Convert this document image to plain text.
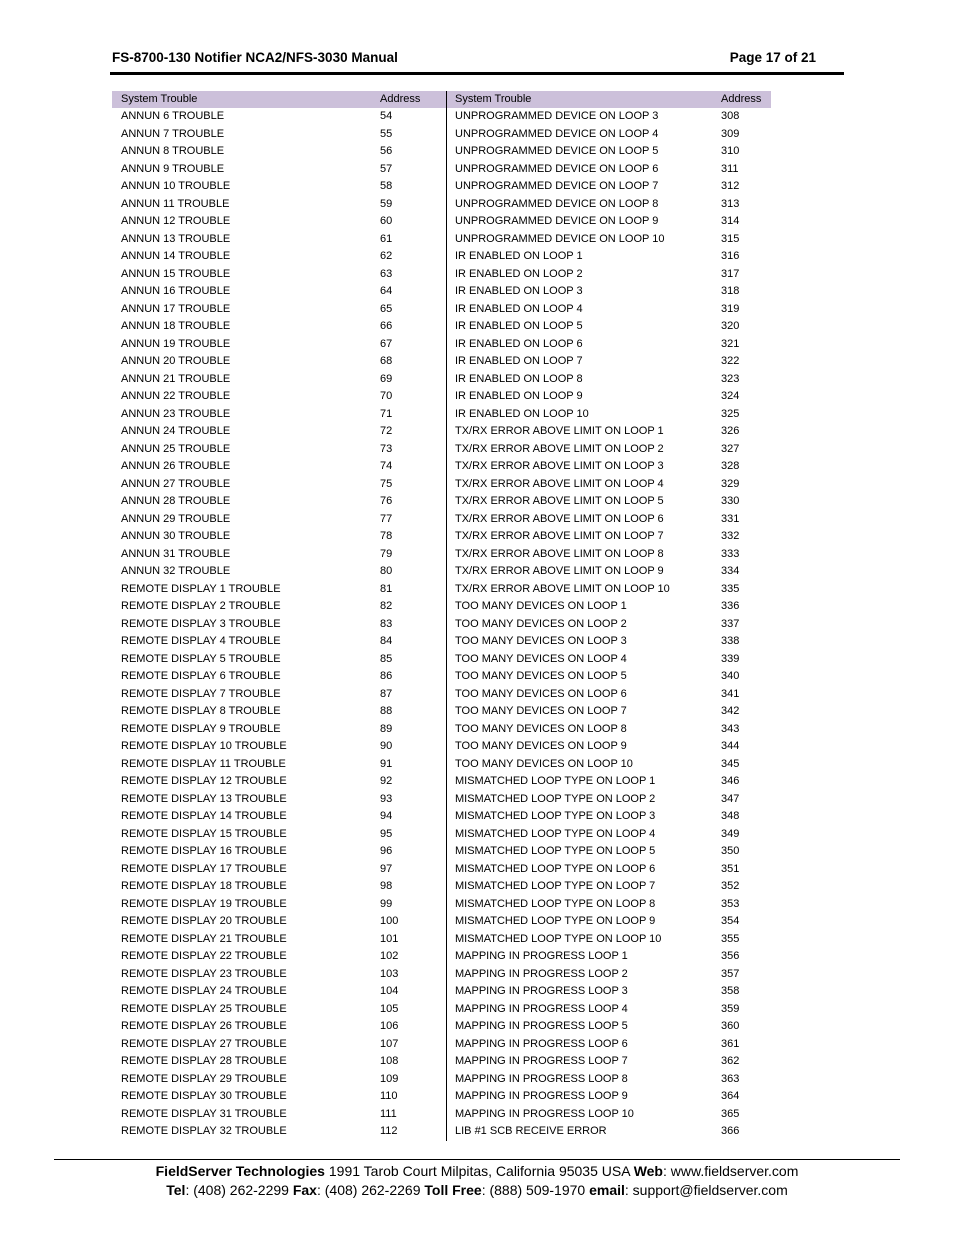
FS-8700-130 Notifier NCA2/NFS-3030 Manual	Page 17 of 21
System Trouble	Address
ANNUN 6 TROUBLE	54
ANNUN 7 TROUBLE	55
ANNUN 8 TROUBLE	56
ANNUN 9 TROUBLE	57
ANNUN 10 TROUBLE	58
ANNUN 11 TROUBLE	59
ANNUN 12 TROUBLE	60
ANNUN 13 TROUBLE	61
ANNUN 14 TROUBLE	62
ANNUN 15 TROUBLE	63
ANNUN 16 TROUBLE	64
ANNUN 17 TROUBLE	65
ANNUN 18 TROUBLE	66
ANNUN 19 TROUBLE	67
ANNUN 20 TROUBLE	68
ANNUN 21 TROUBLE	69
ANNUN 22 TROUBLE	70
ANNUN 23 TROUBLE	71
ANNUN 24 TROUBLE	72
ANNUN 25 TROUBLE	73
ANNUN 26 TROUBLE	74
ANNUN 27 TROUBLE	75
ANNUN 28 TROUBLE	76
ANNUN 29 TROUBLE	77
ANNUN 30 TROUBLE	78
ANNUN 31 TROUBLE	79
ANNUN 32 TROUBLE	80
REMOTE DISPLAY 1 TROUBLE	81
REMOTE DISPLAY 2 TROUBLE	82
REMOTE DISPLAY 3 TROUBLE	83
REMOTE DISPLAY 4 TROUBLE	84
REMOTE DISPLAY 5 TROUBLE	85
REMOTE DISPLAY 6 TROUBLE	86
REMOTE DISPLAY 7 TROUBLE	87
REMOTE DISPLAY 8 TROUBLE	88
REMOTE DISPLAY 9 TROUBLE	89
REMOTE DISPLAY 10 TROUBLE	90
REMOTE DISPLAY 11 TROUBLE	91
REMOTE DISPLAY 12 TROUBLE	92
REMOTE DISPLAY 13 TROUBLE	93
REMOTE DISPLAY 14 TROUBLE	94
REMOTE DISPLAY 15 TROUBLE	95
REMOTE DISPLAY 16 TROUBLE	96
REMOTE DISPLAY 17 TROUBLE	97
REMOTE DISPLAY 18 TROUBLE	98
REMOTE DISPLAY 19 TROUBLE	99
REMOTE DISPLAY 20 TROUBLE	100
REMOTE DISPLAY 21 TROUBLE	101
REMOTE DISPLAY 22 TROUBLE	102
REMOTE DISPLAY 23 TROUBLE	103
REMOTE DISPLAY 24 TROUBLE	104
REMOTE DISPLAY 25 TROUBLE	105
REMOTE DISPLAY 26 TROUBLE	106
REMOTE DISPLAY 27 TROUBLE	107
REMOTE DISPLAY 28 TROUBLE	108
REMOTE DISPLAY 29 TROUBLE	109
REMOTE DISPLAY 30 TROUBLE	110
REMOTE DISPLAY 31 TROUBLE	111
REMOTE DISPLAY 32 TROUBLE	112
System Trouble	Address
UNPROGRAMMED DEVICE ON LOOP 3	308
UNPROGRAMMED DEVICE ON LOOP 4	309
UNPROGRAMMED DEVICE ON LOOP 5	310
UNPROGRAMMED DEVICE ON LOOP 6	311
UNPROGRAMMED DEVICE ON LOOP 7	312
UNPROGRAMMED DEVICE ON LOOP 8	313
UNPROGRAMMED DEVICE ON LOOP 9	314
UNPROGRAMMED DEVICE ON LOOP 10	315
IR ENABLED ON LOOP 1	316
IR ENABLED ON LOOP 2	317
IR ENABLED ON LOOP 3	318
IR ENABLED ON LOOP 4	319
IR ENABLED ON LOOP 5	320
IR ENABLED ON LOOP 6	321
IR ENABLED ON LOOP 7	322
IR ENABLED ON LOOP 8	323
IR ENABLED ON LOOP 9	324
IR ENABLED ON LOOP 10	325
TX/RX ERROR ABOVE LIMIT ON LOOP 1	326
TX/RX ERROR ABOVE LIMIT ON LOOP 2	327
TX/RX ERROR ABOVE LIMIT ON LOOP 3	328
TX/RX ERROR ABOVE LIMIT ON LOOP 4	329
TX/RX ERROR ABOVE LIMIT ON LOOP 5	330
TX/RX ERROR ABOVE LIMIT ON LOOP 6	331
TX/RX ERROR ABOVE LIMIT ON LOOP 7	332
TX/RX ERROR ABOVE LIMIT ON LOOP 8	333
TX/RX ERROR ABOVE LIMIT ON LOOP 9	334
TX/RX ERROR ABOVE LIMIT ON LOOP 10	335
TOO MANY DEVICES ON LOOP 1	336
TOO MANY DEVICES ON LOOP 2	337
TOO MANY DEVICES ON LOOP 3	338
TOO MANY DEVICES ON LOOP 4	339
TOO MANY DEVICES ON LOOP 5	340
TOO MANY DEVICES ON LOOP 6	341
TOO MANY DEVICES ON LOOP 7	342
TOO MANY DEVICES ON LOOP 8	343
TOO MANY DEVICES ON LOOP 9	344
TOO MANY DEVICES ON LOOP 10	345
MISMATCHED LOOP TYPE ON LOOP 1	346
MISMATCHED LOOP TYPE ON LOOP 2	347
MISMATCHED LOOP TYPE ON LOOP 3	348
MISMATCHED LOOP TYPE ON LOOP 4	349
MISMATCHED LOOP TYPE ON LOOP 5	350
MISMATCHED LOOP TYPE ON LOOP 6	351
MISMATCHED LOOP TYPE ON LOOP 7	352
MISMATCHED LOOP TYPE ON LOOP 8	353
MISMATCHED LOOP TYPE ON LOOP 9	354
MISMATCHED LOOP TYPE ON LOOP 10	355
MAPPING IN PROGRESS LOOP 1	356
MAPPING IN PROGRESS LOOP 2	357
MAPPING IN PROGRESS LOOP 3	358
MAPPING IN PROGRESS LOOP 4	359
MAPPING IN PROGRESS LOOP 5	360
MAPPING IN PROGRESS LOOP 6	361
MAPPING IN PROGRESS LOOP 7	362
MAPPING IN PROGRESS LOOP 8	363
MAPPING IN PROGRESS LOOP 9	364
MAPPING IN PROGRESS LOOP 10	365
LIB #1 SCB RECEIVE ERROR	366
FieldServer Technologies 1991 Tarob Court Milpitas, California 95035 USA Web: www.fieldserver.com
Tel: (408) 262-2299 Fax: (408) 262-2269 Toll Free: (888) 509-1970 email: support@fieldserver.com
